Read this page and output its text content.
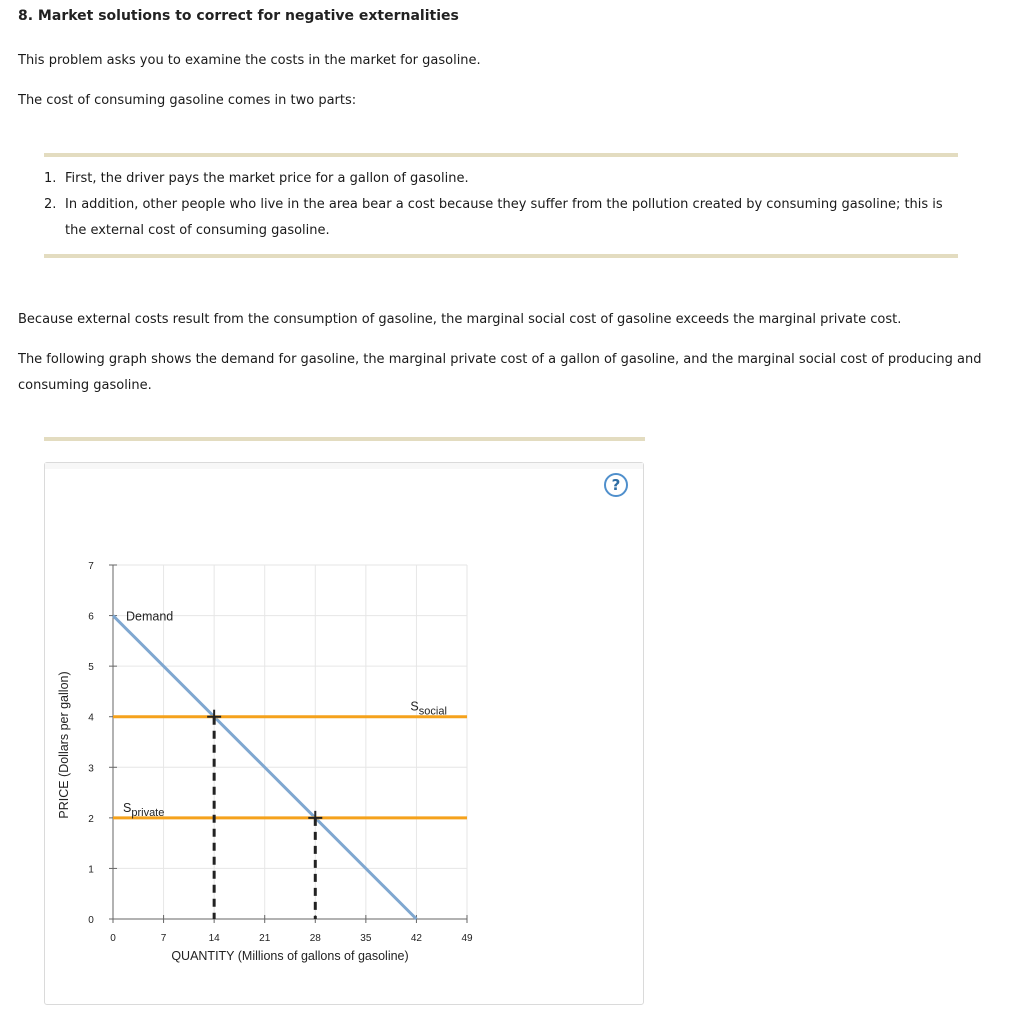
8. Market solutions to correct for negative externalities
This problem asks you to examine the costs in the market for gasoline.
The cost of consuming gasoline comes in two parts:
1. First, the driver pays the market price for a gallon of gasoline.
2. In addition, other people who live in the area bear a cost because they suffer from the pollution created by consuming gasoline; this is the external cost of consuming gasoline.
Because external costs result from the consumption of gasoline, the marginal social cost of gasoline exceeds the marginal private cost.
The following graph shows the demand for gasoline, the marginal private cost of a gallon of gasoline, and the marginal social cost of producing and consuming gasoline.
?
0	7	14	21	28	35	42	49
0
1
2
3
4
5
6
7
Demand
Sprivate
Ssocial
QUANTITY (Millions of gallons of gasoline)
PRICE (Dollars per gallon)
